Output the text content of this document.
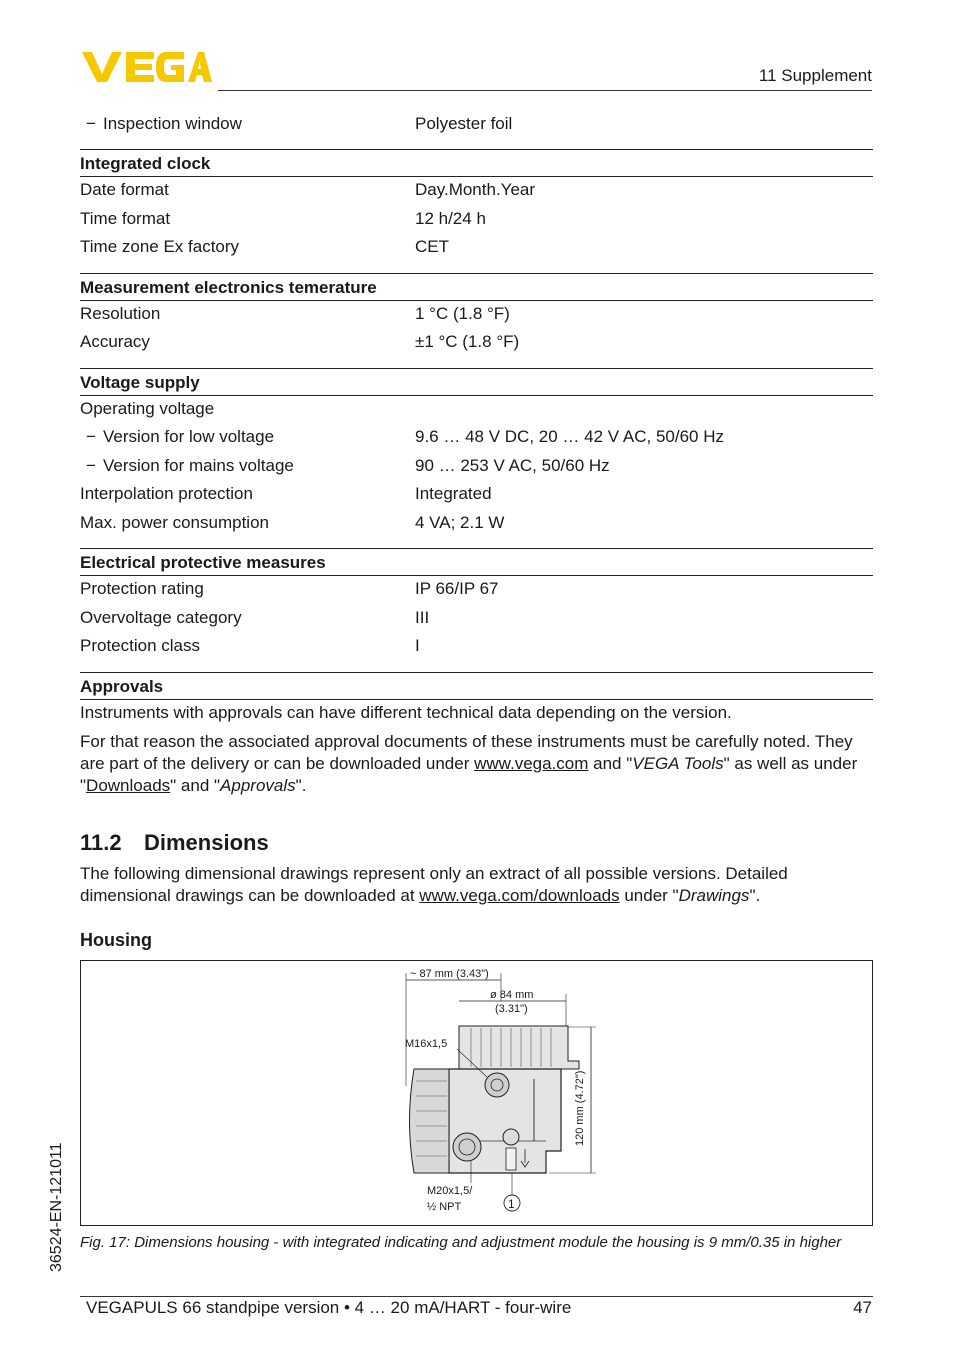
11 Supplement
− Inspection window	Polyester foil
Integrated clock
Date format	Day.Month.Year
Time format	12 h/24 h
Time zone Ex factory	CET
Measurement electronics temerature
Resolution	1 °C (1.8 °F)
Accuracy	±1 °C (1.8 °F)
Voltage supply
Operating voltage
− Version for low voltage	9.6 … 48 V DC, 20 … 42 V AC, 50/60 Hz
− Version for mains voltage	90 … 253 V AC, 50/60 Hz
Interpolation protection	Integrated
Max. power consumption	4 VA; 2.1 W
Electrical protective measures
Protection rating	IP 66/IP 67
Overvoltage category	III
Protection class	I
Approvals
Instruments with approvals can have different technical data depending on the version.
For that reason the associated approval documents of these instruments must be carefully noted. They are part of the delivery or can be downloaded under www.vega.com and "VEGA Tools" as well as under "Downloads" and "Approvals".
11.2 Dimensions
The following dimensional drawings represent only an extract of all possible versions. Detailed dimensional drawings can be downloaded at www.vega.com/downloads under "Drawings".
Housing
~ 87 mm (3.43")
ø 84 mm
(3.31")
120 mm (4.72")
M16x1,5
M20x1,5/
½ NPT	1
Fig. 17: Dimensions housing - with integrated indicating and adjustment module the housing is 9 mm/0.35 in higher
36524-EN-121011
VEGAPULS 66 standpipe version • 4 … 20 mA/HART - four-wire	47
